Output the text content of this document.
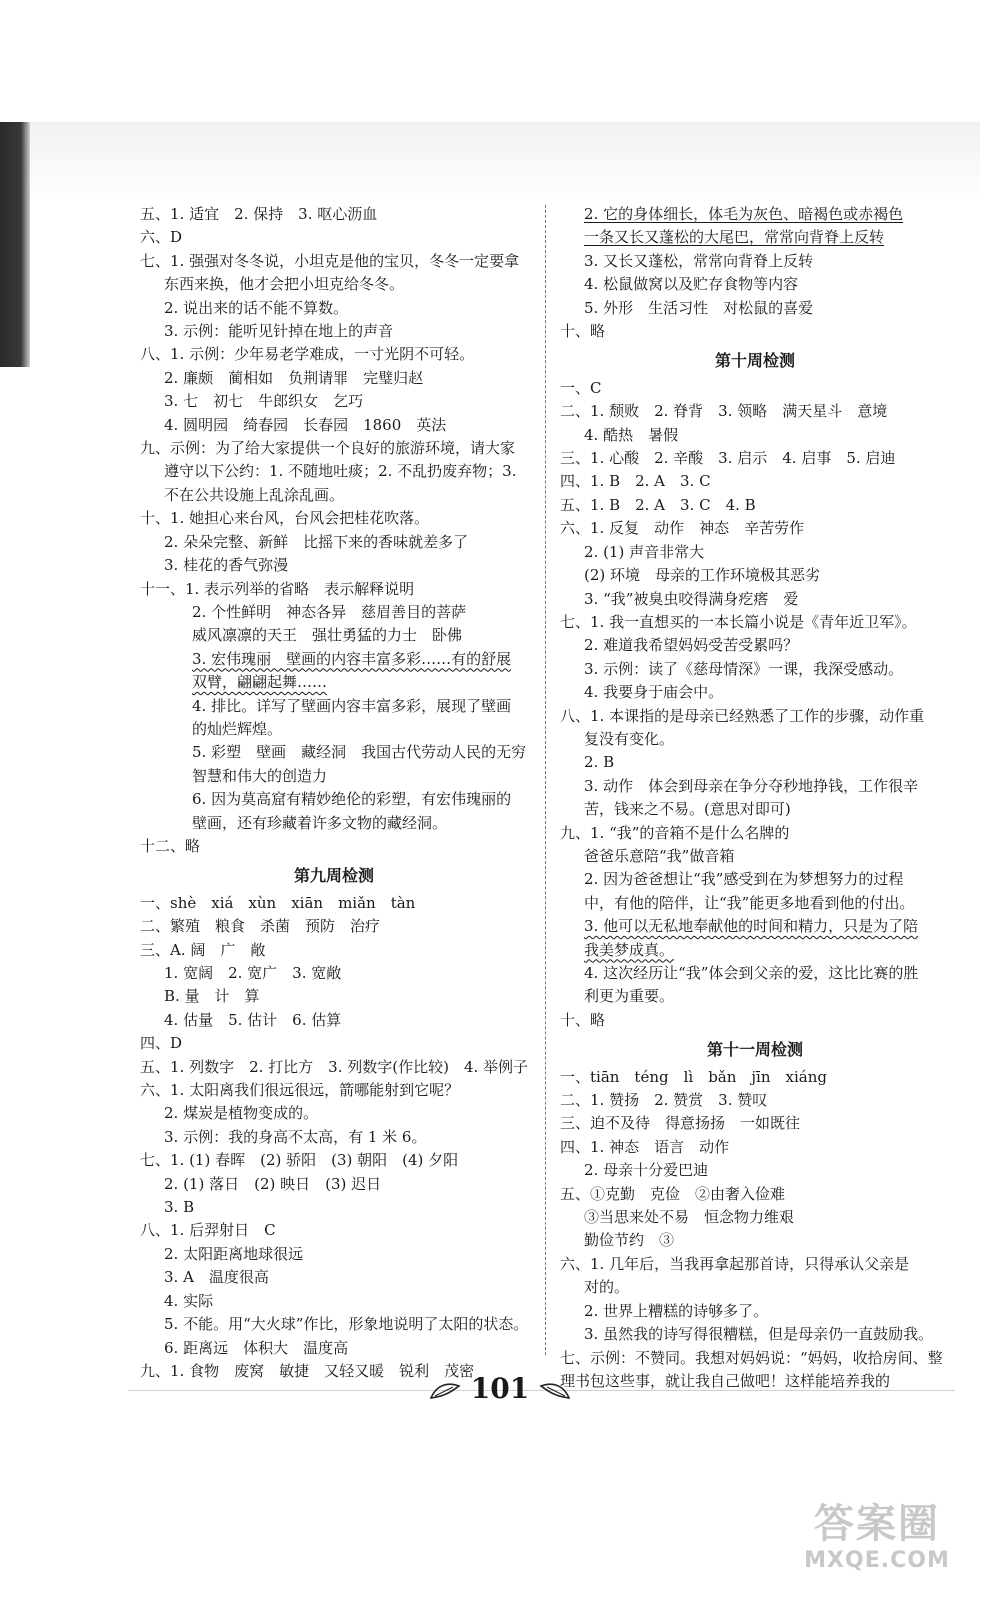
五、1. 适宜　2. 保持　3. 呕心沥血
六、D
七、1. 强强对冬冬说，小坦克是他的宝贝，冬冬一定要拿
东西来换，他才会把小坦克给冬冬。
2. 说出来的话不能不算数。
3. 示例：能听见针掉在地上的声音
八、1. 示例：少年易老学难成，一寸光阴不可轻。
2. 廉颇　蔺相如　负荆请罪　完璧归赵
3. 七　初七　牛郎织女　乞巧
4. 圆明园　绮春园　长春园　1860　英法
九、示例：为了给大家提供一个良好的旅游环境，请大家
遵守以下公约：1. 不随地吐痰；2. 不乱扔废弃物；3.
不在公共设施上乱涂乱画。
十、1. 她担心来台风，台风会把桂花吹落。
2. 朵朵完整、新鲜　比摇下来的香味就差多了
3. 桂花的香气弥漫
十一、1. 表示列举的省略　表示解释说明
2. 个性鲜明　神态各异　慈眉善目的菩萨
威风凛凛的天王　强壮勇猛的力士　卧佛
3. 宏伟瑰丽　壁画的内容丰富多彩……有的舒展
双臂，翩翩起舞……
4. 排比。详写了壁画内容丰富多彩，展现了壁画
的灿烂辉煌。
5. 彩塑　壁画　藏经洞　我国古代劳动人民的无穷
智慧和伟大的创造力
6. 因为莫高窟有精妙绝伦的彩塑，有宏伟瑰丽的
壁画，还有珍藏着许多文物的藏经洞。
十二、略
第九周检测
一、shè　xiá　xùn　xiān　miǎn　tàn
二、繁殖　粮食　杀菌　预防　治疗
三、A. 阔　广　敞
1. 宽阔　2. 宽广　3. 宽敞
B. 量　计　算
4. 估量　5. 估计　6. 估算
四、D
五、1. 列数字　2. 打比方　3. 列数字(作比较)　4. 举例子
六、1. 太阳离我们很远很远，箭哪能射到它呢？
2. 煤炭是植物变成的。
3. 示例：我的身高不太高，有 1 米 6。
七、1. (1) 春晖　(2) 骄阳　(3) 朝阳　(4) 夕阳
2. (1) 落日　(2) 映日　(3) 迟日
3. B
八、1. 后羿射日　C
2. 太阳距离地球很远
3. A　温度很高
4. 实际
5. 不能。用“大火球”作比，形象地说明了太阳的状态。
6. 距离远　体积大　温度高
九、1. 食物　废窝　敏捷　又轻又暖　锐利　茂密
2. 它的身体细长，体毛为灰色、暗褐色或赤褐色
一条又长又蓬松的大尾巴，常常向背脊上反转
3. 又长又蓬松，常常向背脊上反转
4. 松鼠做窝以及贮存食物等内容
5. 外形　生活习性　对松鼠的喜爱
十、略
第十周检测
一、C
二、1. 颓败　2. 脊背　3. 领略　满天星斗　意境
4. 酷热　暑假
三、1. 心酸　2. 辛酸　3. 启示　4. 启事　5. 启迪
四、1. B　2. A　3. C
五、1. B　2. A　3. C　4. B
六、1. 反复　动作　神态　辛苦劳作
2. (1) 声音非常大
(2) 环境　母亲的工作环境极其恶劣
3. “我”被臭虫咬得满身疙瘩　爱
七、1. 我一直想买的一本长篇小说是《青年近卫军》。
2. 难道我希望妈妈受苦受累吗？
3. 示例：读了《慈母情深》一课，我深受感动。
4. 我要身于庙会中。
八、1. 本课指的是母亲已经熟悉了工作的步骤，动作重
复没有变化。
2. B
3. 动作　体会到母亲在争分夺秒地挣钱，工作很辛
苦，钱来之不易。(意思对即可)
九、1. “我”的音箱不是什么名牌的
爸爸乐意陪“我”做音箱
2. 因为爸爸想让“我”感受到在为梦想努力的过程
中，有他的陪伴，让“我”能更多地看到他的付出。
3. 他可以无私地奉献他的时间和精力，只是为了陪
我美梦成真。
4. 这次经历让“我”体会到父亲的爱，这比比赛的胜
利更为重要。
十、略
第十一周检测
一、tiān　téng　lì　bǎn　jīn　xiáng
二、1. 赞扬　2. 赞赏　3. 赞叹
三、迫不及待　得意扬扬　一如既往
四、1. 神态　语言　动作
2. 母亲十分爱巴迪
五、①克勤　克俭　②由奢入俭难
③当思来处不易　恒念物力维艰
勤俭节约　③
六、1. 几年后，当我再拿起那首诗，只得承认父亲是
对的。
2. 世界上糟糕的诗够多了。
3. 虽然我的诗写得很糟糕，但是母亲仍一直鼓励我。
七、示例：不赞同。我想对妈妈说：“妈妈，收拾房间、整
理书包这些事，就让我自己做吧！这样能培养我的
101
答案圈
MXQE.COM
